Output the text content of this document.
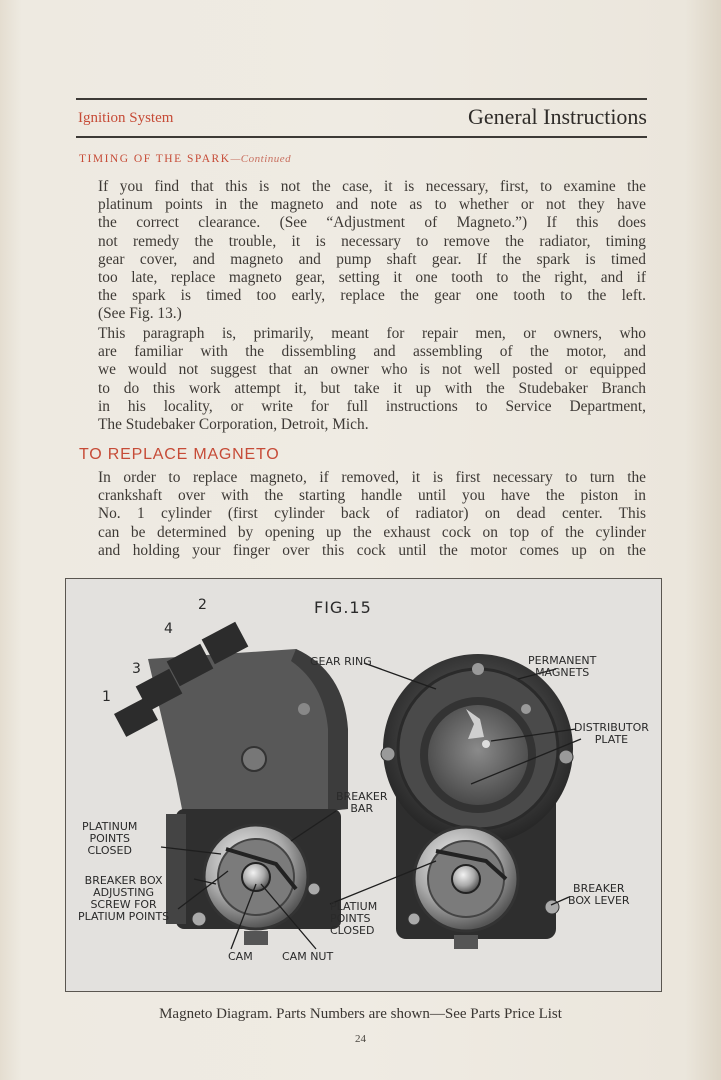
Ignition System	General Instructions
TIMING OF THE SPARK—Continued
If you find that this is not the case, it is necessary, first, to examine the
platinum points in the magneto and note as to whether or not they have
the correct clearance. (See “Adjustment of Magneto.”) If this does
not remedy the trouble, it is necessary to remove the radiator, timing
gear cover, and magneto and pump shaft gear. If the spark is timed
too late, replace magneto gear, setting it one tooth to the right, and if
the spark is timed too early, replace the gear one tooth to the left.
(See Fig. 13.)
This paragraph is, primarily, meant for repair men, or owners, who
are familiar with the dissembling and assembling of the motor, and
we would not suggest that an owner who is not well posted or equipped
to do this work attempt it, but take it up with the Studebaker Branch
in his locality, or write for full instructions to Service Department,
The Studebaker Corporation, Detroit, Mich.
TO REPLACE MAGNETO
In order to replace magneto, if removed, it is first necessary to turn the
crankshaft over with the starting handle until you have the piston in
No. 1 cylinder (first cylinder back of radiator) on dead center. This
can be determined by opening up the exhaust cock on top of the cylinder
and holding your finger over this cock until the motor comes up on the
FIG.15
2
4
3
1
GEAR RING	PERMANENT
MAGNETS
DISTRIBUTOR
PLATE
BREAKER
BAR
PLATINUM
POINTS
CLOSED
BREAKER BOX
ADJUSTING
SCREW FOR
PLATIUM POINTS
PLATIUM
POINTS
CLOSED
BREAKER
BOX LEVER
CAM	CAM NUT
Magneto Diagram. Parts Numbers are shown—See Parts Price List
24
